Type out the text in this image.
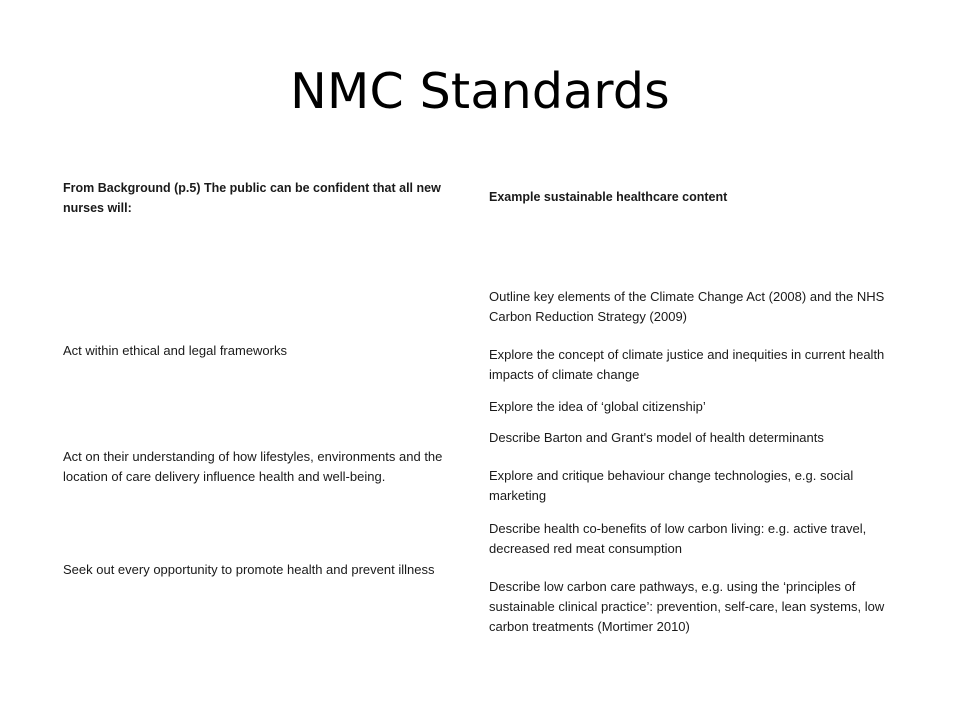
NMC Standards
From Background (p.5) The public can be confident that all new nurses will:
Example sustainable healthcare content
Act within ethical and legal frameworks

Outline key elements of the Climate Change Act (2008) and the NHS Carbon Reduction Strategy (2009)

Explore the concept of climate justice and inequities in current health impacts of climate change

Explore the idea of ‘global citizenship’

Act on their understanding of how lifestyles, environments and the location of care delivery influence health and well-being.

Describe Barton and Grant's model of health determinants

Explore and critique behaviour change technologies, e.g. social marketing

Seek out every opportunity to promote health and prevent illness

Describe health co-benefits of low carbon living: e.g. active travel, decreased red meat consumption

Describe low carbon care pathways, e.g. using the ‘principles of sustainable clinical practice’: prevention, self-care, lean systems, low carbon treatments (Mortimer 2010)
